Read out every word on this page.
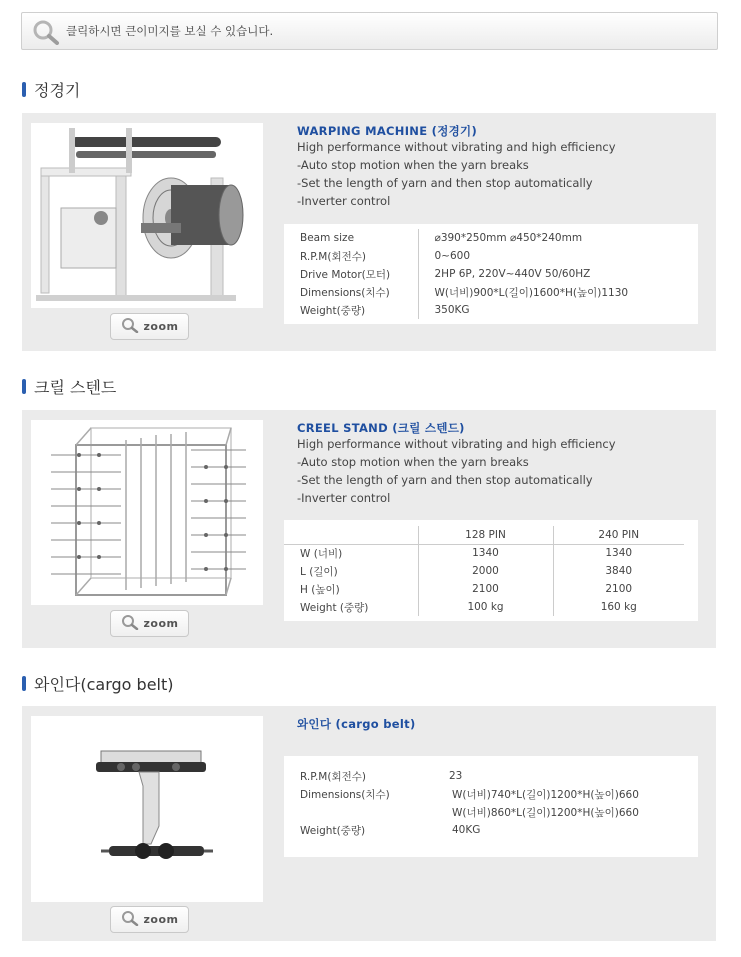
클릭하시면 큰이미지를 보실 수 있습니다.
정경기
zoom
WARPING MACHINE (정경기)
High performance without vibrating and high efficiency
-Auto stop motion when the yarn breaks
-Set the length of yarn and then stop automatically
-Inverter control
Beam size	⌀390*250mm ⌀450*240mm
R.P.M(회전수)	0~600
Drive Motor(모터)	2HP 6P, 220V~440V 50/60HZ
Dimensions(치수)	W(너비)900*L(길이)1600*H(높이)1130
Weight(중량)	350KG
크릴 스텐드
zoom
CREEL STAND (크릴 스텐드)
High performance without vibrating and high efficiency
-Auto stop motion when the yarn breaks
-Set the length of yarn and then stop automatically
-Inverter control
	128 PIN	240 PIN
W (너비)	1340	1340
L (길이)	2000	3840
H (높이)	2100	2100
Weight (중량)	100 kg	160 kg
와인다(cargo belt)
zoom
와인다 (cargo belt)
R.P.M(회전수)	23
Dimensions(치수)	W(너비)740*L(길이)1200*H(높이)660
	W(너비)860*L(길이)1200*H(높이)660
Weight(중량)	40KG
